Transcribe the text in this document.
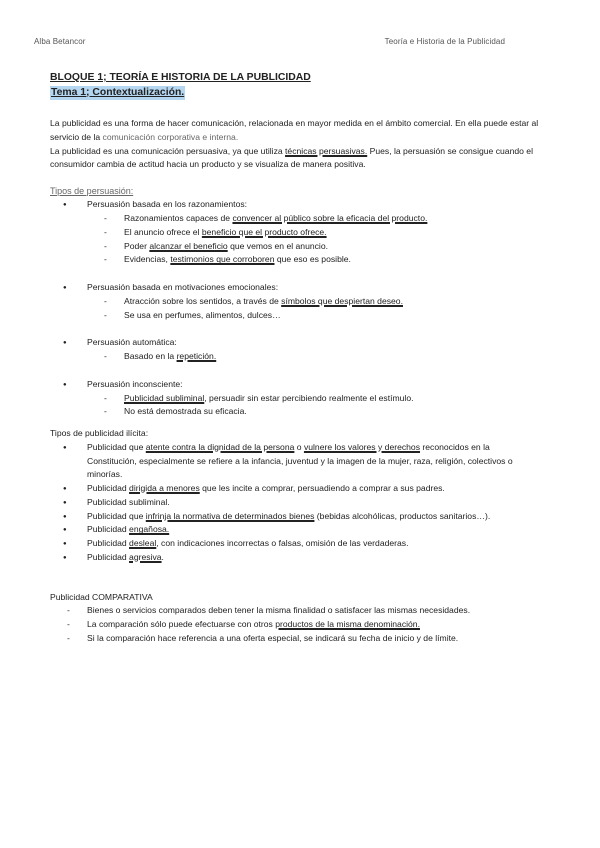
Alba Betancor	Teoría e Historia de la Publicidad

BLOQUE 1; TEORÍA E HISTORIA DE LA PUBLICIDAD

Tema 1; Contextualización.

La publicidad es una forma de hacer comunicación, relacionada en mayor medida en el ámbito comercial. En ella puede estar al servicio de la comunicación corporativa e interna.

La publicidad es una comunicación persuasiva, ya que utiliza técnicas persuasivas. Pues, la persuasión se consigue cuando el consumidor cambia de actitud hacia un producto y se visualiza de manera positiva.

Tipos de persuasión:

● Persuasión basada en los razonamientos:
- Razonamientos capaces de convencer al público sobre la eficacia del producto.
- El anuncio ofrece el beneficio que el producto ofrece.
- Poder alcanzar el beneficio que vemos en el anuncio.
- Evidencias, testimonios que corroboren que eso es posible.
● Persuasión basada en motivaciones emocionales:
- Atracción sobre los sentidos, a través de símbolos que despiertan deseo.
- Se usa en perfumes, alimentos, dulces…
● Persuasión automática:
- Basado en la repetición.
● Persuasión inconsciente:
- Publicidad subliminal, persuadir sin estar percibiendo realmente el estímulo.
- No está demostrada su eficacia.

Tipos de publicidad ilícita:

● Publicidad que atente contra la dignidad de la persona o vulnere los valores y derechos reconocidos en la Constitución, especialmente se refiere a la infancia, juventud y la imagen de la mujer, raza, religión, colectivos o minorías.
● Publicidad dirigida a menores que les incite a comprar, persuadiendo a comprar a sus padres.
● Publicidad subliminal.
● Publicidad que infrinja la normativa de determinados bienes (bebidas alcohólicas, productos sanitarios…).
● Publicidad engañosa.
● Publicidad desleal, con indicaciones incorrectas o falsas, omisión de las verdaderas.
● Publicidad agresiva.

Publicidad COMPARATIVA

- Bienes o servicios comparados deben tener la misma finalidad o satisfacer las mismas necesidades.
- La comparación sólo puede efectuarse con otros productos de la misma denominación.
- Si la comparación hace referencia a una oferta especial, se indicará su fecha de inicio y de límite.
